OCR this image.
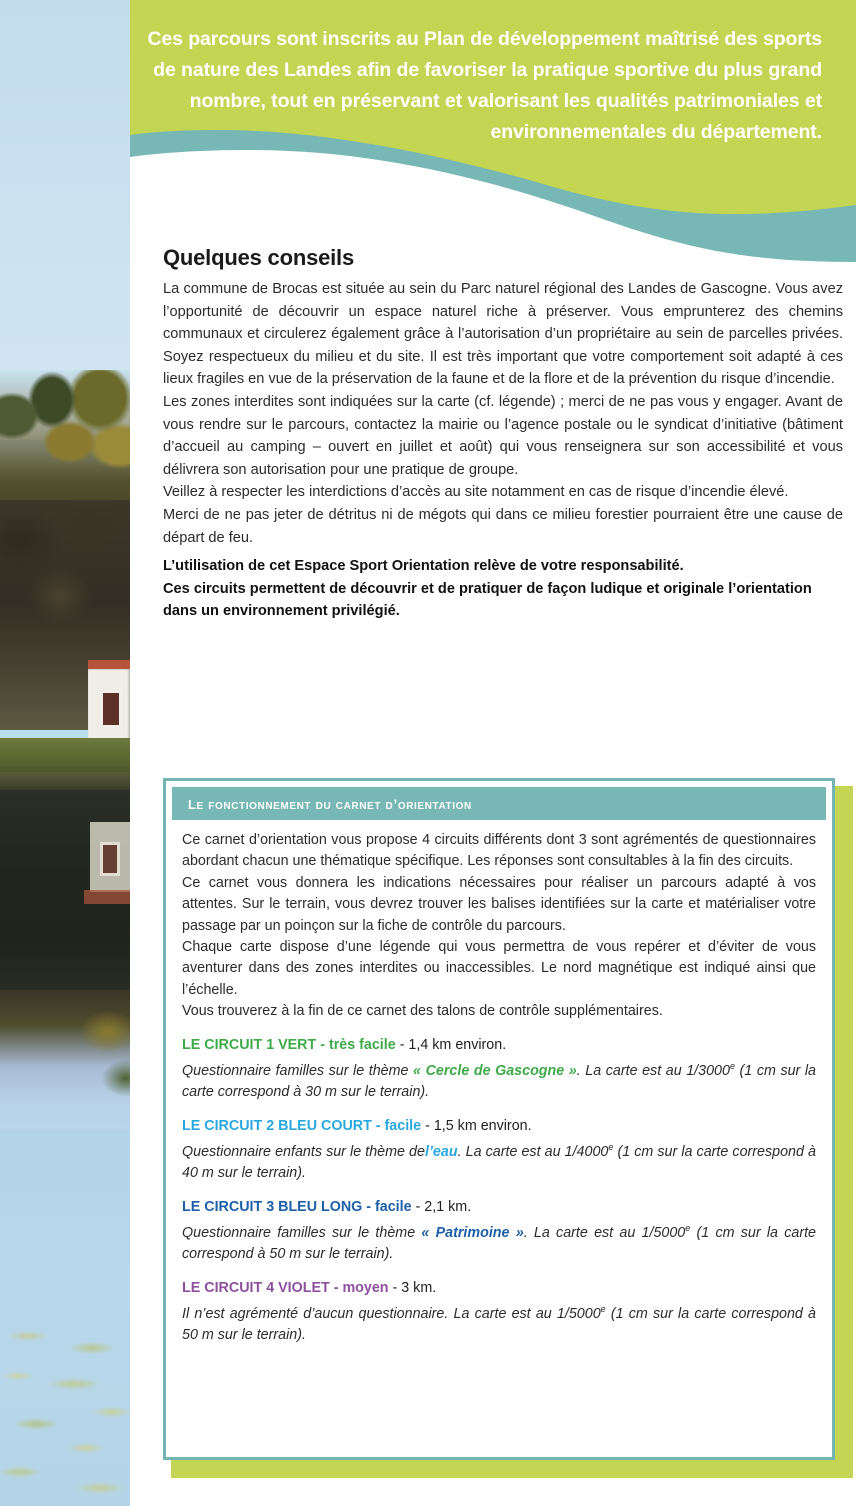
Ces parcours sont inscrits au Plan de développement maîtrisé des sports de nature des Landes afin de favoriser la pratique sportive du plus grand nombre, tout en préservant et valorisant les qualités patrimoniales et environnementales du département.
Quelques conseils

La commune de Brocas est située au sein du Parc naturel régional des Landes de Gascogne. Vous avez l’opportunité de découvrir un espace naturel riche à préserver. Vous emprunterez des chemins communaux et circulerez également grâce à l’autorisation d’un propriétaire au sein de parcelles privées. Soyez respectueux du milieu et du site. Il est très important que votre comportement soit adapté à ces lieux fragiles en vue de la préservation de la faune et de la flore et de la prévention du risque d’incendie.

Les zones interdites sont indiquées sur la carte (cf. légende) ; merci de ne pas vous y engager. Avant de vous rendre sur le parcours, contactez la mairie ou l’agence postale ou le syndicat d’initiative (bâtiment d’accueil au camping – ouvert en juillet et août) qui vous renseignera sur son accessibilité et vous délivrera son autorisation pour une pratique de groupe.

Veillez à respecter les interdictions d’accès au site notamment en cas de risque d’incendie élevé.

Merci de ne pas jeter de détritus ni de mégots qui dans ce milieu forestier pourraient être une cause de départ de feu.

L’utilisation de cet Espace Sport Orientation relève de votre responsabilité.

Ces circuits permettent de découvrir et de pratiquer de façon ludique et originale l’orientation dans un environnement privilégié.

le fonctionnement du carnet d’orientation

Ce carnet d’orientation vous propose 4 circuits différents dont 3 sont agrémentés de questionnaires abordant chacun une thématique spécifique. Les réponses sont consultables à la fin des circuits.

Ce carnet vous donnera les indications nécessaires pour réaliser un parcours adapté à vos attentes. Sur le terrain, vous devrez trouver les balises identifiées sur la carte et matérialiser votre passage par un poinçon sur la fiche de contrôle du parcours.

Chaque carte dispose d’une légende qui vous permettra de vous repérer et d’éviter de vous aventurer dans des zones interdites ou inaccessibles. Le nord magnétique est indiqué ainsi que l’échelle.

Vous trouverez à la fin de ce carnet des talons de contrôle supplémentaires.

LE CIRCUIT 1 VERT - très facile - 1,4 km environ.

Questionnaire familles sur le thème « Cercle de Gascogne ». La carte est au 1/3000e (1 cm sur la carte correspond à 30 m sur le terrain).

LE CIRCUIT 2 BLEU COURT - facile - 1,5 km environ.

Questionnaire enfants sur le thème del’eau. La carte est au 1/4000e (1 cm sur la carte correspond à 40 m sur le terrain).

LE CIRCUIT 3 BLEU LONG - facile - 2,1 km.

Questionnaire familles sur le thème « Patrimoine ». La carte est au 1/5000e (1 cm sur la carte correspond à 50 m sur le terrain).

LE CIRCUIT 4 VIOLET - moyen - 3 km.

Il n’est agrémenté d’aucun questionnaire. La carte est au 1/5000e (1 cm sur la carte correspond à 50 m sur le terrain).
